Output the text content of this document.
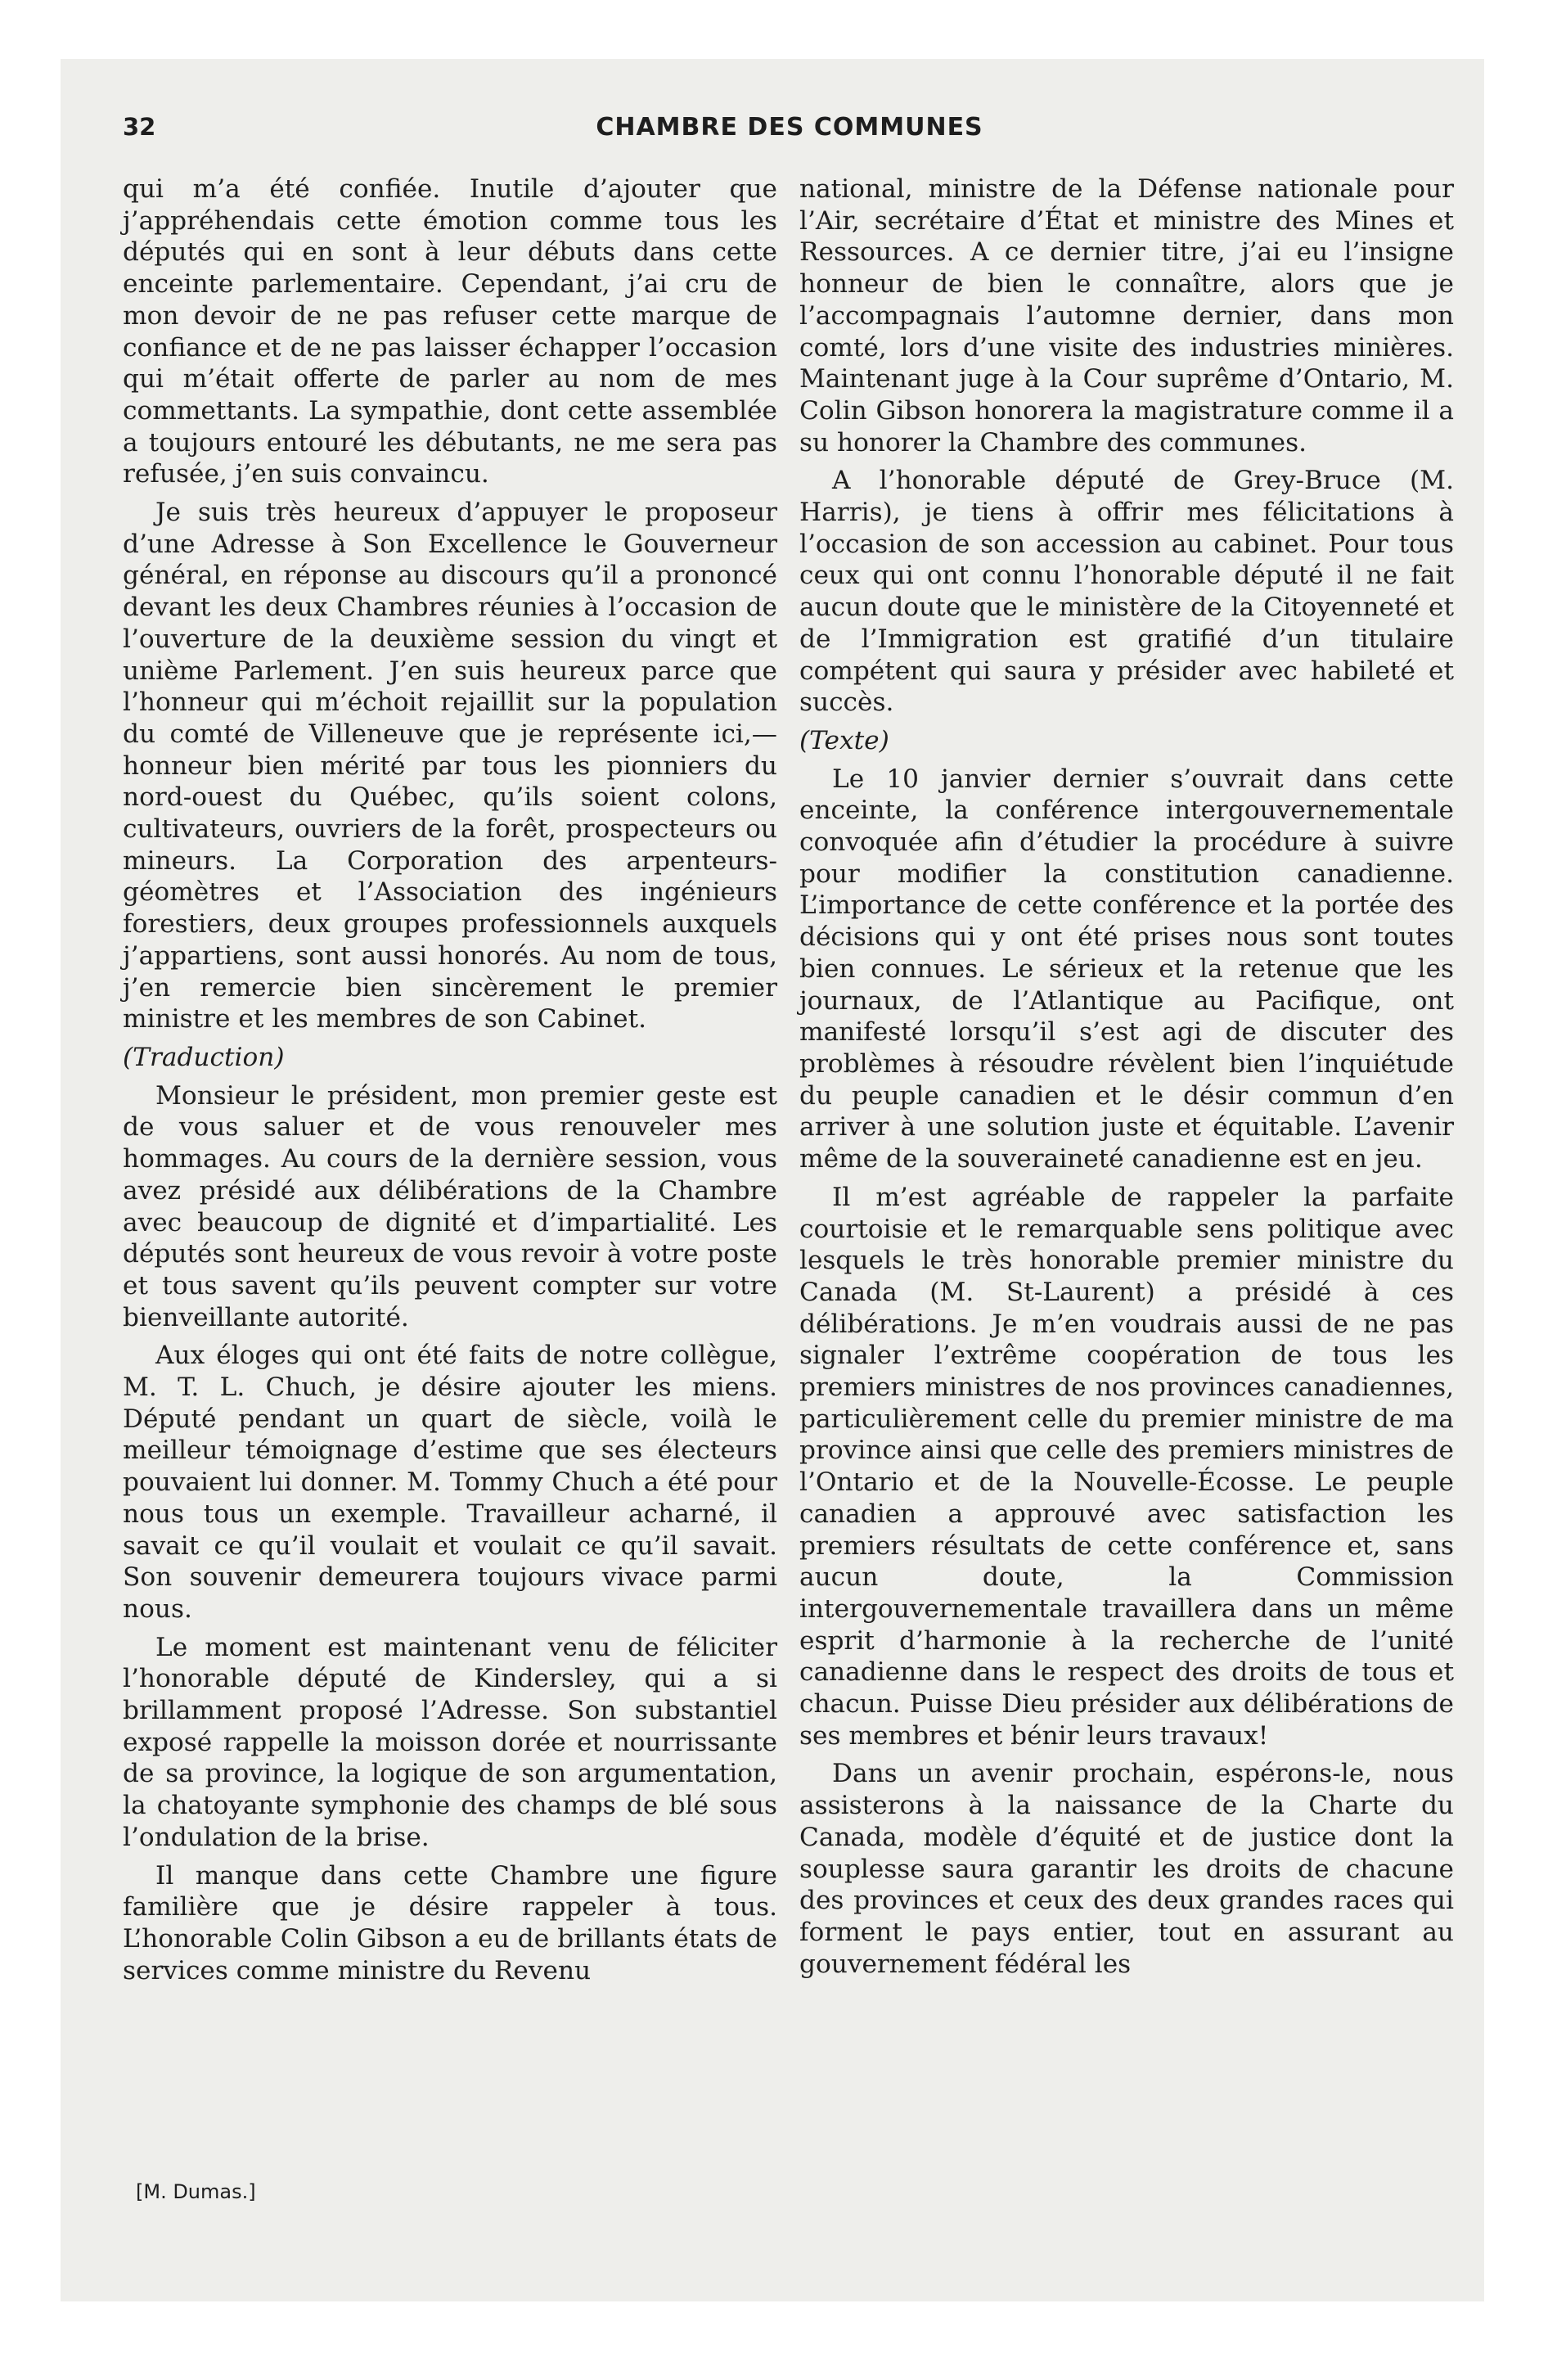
32	CHAMBRE DES COMMUNES

qui m’a été confiée. Inutile d’ajouter que j’appréhendais cette émotion comme tous les députés qui en sont à leur débuts dans cette enceinte parlementaire. Cependant, j’ai cru de mon devoir de ne pas refuser cette marque de confiance et de ne pas laisser échapper l’occasion qui m’était offerte de parler au nom de mes commettants. La sympathie, dont cette assemblée a toujours entouré les débutants, ne me sera pas refusée, j’en suis convaincu.

Je suis très heureux d’appuyer le proposeur d’une Adresse à Son Excellence le Gouverneur général, en réponse au discours qu’il a prononcé devant les deux Chambres réunies à l’occasion de l’ouverture de la deuxième session du vingt et unième Parlement. J’en suis heureux parce que l’honneur qui m’échoit rejaillit sur la population du comté de Villeneuve que je représente ici,— honneur bien mérité par tous les pionniers du nord-ouest du Québec, qu’ils soient colons, cultivateurs, ouvriers de la forêt, prospecteurs ou mineurs. La Corporation des arpenteurs-géomètres et l’Association des ingénieurs forestiers, deux groupes professionnels auxquels j’appartiens, sont aussi honorés. Au nom de tous, j’en remercie bien sincèrement le premier ministre et les membres de son Cabinet.

(Traduction)

Monsieur le président, mon premier geste est de vous saluer et de vous renouveler mes hommages. Au cours de la dernière session, vous avez présidé aux délibérations de la Chambre avec beaucoup de dignité et d’impartialité. Les députés sont heureux de vous revoir à votre poste et tous savent qu’ils peuvent compter sur votre bienveillante autorité.

Aux éloges qui ont été faits de notre collègue, M. T. L. Chuch, je désire ajouter les miens. Député pendant un quart de siècle, voilà le meilleur témoignage d’estime que ses électeurs pouvaient lui donner. M. Tommy Chuch a été pour nous tous un exemple. Travailleur acharné, il savait ce qu’il voulait et voulait ce qu’il savait. Son souvenir demeurera toujours vivace parmi nous.

Le moment est maintenant venu de féliciter l’honorable député de Kindersley, qui a si brillamment proposé l’Adresse. Son substantiel exposé rappelle la moisson dorée et nourrissante de sa province, la logique de son argumentation, la chatoyante symphonie des champs de blé sous l’ondulation de la brise.

Il manque dans cette Chambre une figure familière que je désire rappeler à tous. L’honorable Colin Gibson a eu de brillants états de services comme ministre du Revenu

national, ministre de la Défense nationale pour l’Air, secrétaire d’État et ministre des Mines et Ressources. A ce dernier titre, j’ai eu l’insigne honneur de bien le connaître, alors que je l’accompagnais l’automne dernier, dans mon comté, lors d’une visite des industries minières. Maintenant juge à la Cour suprême d’Ontario, M. Colin Gibson honorera la magistrature comme il a su honorer la Chambre des communes.

A l’honorable député de Grey-Bruce (M. Harris), je tiens à offrir mes félicitations à l’occasion de son accession au cabinet. Pour tous ceux qui ont connu l’honorable député il ne fait aucun doute que le ministère de la Citoyenneté et de l’Immigration est gratifié d’un titulaire compétent qui saura y présider avec habileté et succès.

(Texte)

Le 10 janvier dernier s’ouvrait dans cette enceinte, la conférence intergouvernementale convoquée afin d’étudier la procédure à suivre pour modifier la constitution canadienne. L’importance de cette conférence et la portée des décisions qui y ont été prises nous sont toutes bien connues. Le sérieux et la retenue que les journaux, de l’Atlantique au Pacifique, ont manifesté lorsqu’il s’est agi de discuter des problèmes à résoudre révèlent bien l’inquiétude du peuple canadien et le désir commun d’en arriver à une solution juste et équitable. L’avenir même de la souveraineté canadienne est en jeu.

Il m’est agréable de rappeler la parfaite courtoisie et le remarquable sens politique avec lesquels le très honorable premier ministre du Canada (M. St-Laurent) a présidé à ces délibérations. Je m’en voudrais aussi de ne pas signaler l’extrême coopération de tous les premiers ministres de nos provinces canadiennes, particulièrement celle du premier ministre de ma province ainsi que celle des premiers ministres de l’Ontario et de la Nouvelle-Écosse. Le peuple canadien a approuvé avec satisfaction les premiers résultats de cette conférence et, sans aucun doute, la Commission intergouvernementale travaillera dans un même esprit d’harmonie à la recherche de l’unité canadienne dans le respect des droits de tous et chacun. Puisse Dieu présider aux délibérations de ses membres et bénir leurs travaux!

Dans un avenir prochain, espérons-le, nous assisterons à la naissance de la Charte du Canada, modèle d’équité et de justice dont la souplesse saura garantir les droits de chacune des provinces et ceux des deux grandes races qui forment le pays entier, tout en assurant au gouvernement fédéral les

[M. Dumas.]
